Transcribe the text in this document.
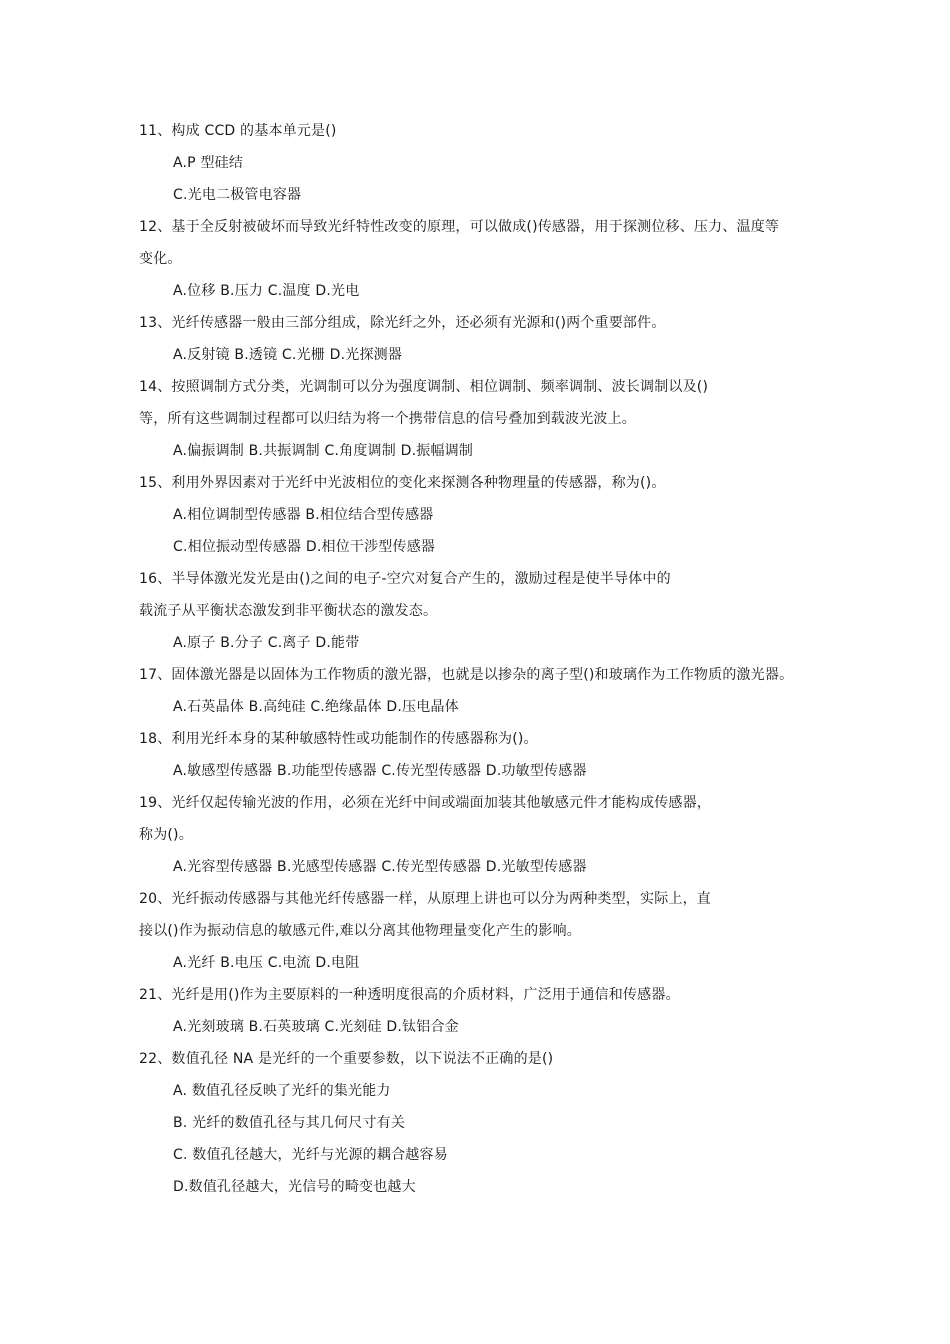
11、构成 CCD 的基本单元是()
A.P 型硅结
C.光电二极管电容器
12、基于全反射被破坏而导致光纤特性改变的原理，可以做成()传感器，用于探测位移、压力、温度等
变化。
A.位移 B.压力 C.温度 D.光电
13、光纤传感器一般由三部分组成，除光纤之外，还必须有光源和()两个重要部件。
A.反射镜 B.透镜 C.光栅 D.光探测器
14、按照调制方式分类，光调制可以分为强度调制、相位调制、频率调制、波长调制以及()
等，所有这些调制过程都可以归结为将一个携带信息的信号叠加到载波光波上。
A.偏振调制 B.共振调制 C.角度调制 D.振幅调制
15、利用外界因素对于光纤中光波相位的变化来探测各种物理量的传感器，称为()。
A.相位调制型传感器 B.相位结合型传感器
C.相位振动型传感器 D.相位干涉型传感器
16、半导体激光发光是由()之间的电子-空穴对复合产生的，激励过程是使半导体中的
载流子从平衡状态激发到非平衡状态的激发态。
A.原子 B.分子 C.离子 D.能带
17、固体激光器是以固体为工作物质的激光器，也就是以掺杂的离子型()和玻璃作为工作物质的激光器。
A.石英晶体 B.高纯硅 C.绝缘晶体 D.压电晶体
18、利用光纤本身的某种敏感特性或功能制作的传感器称为()。
A.敏感型传感器 B.功能型传感器 C.传光型传感器 D.功敏型传感器
19、光纤仅起传输光波的作用，必须在光纤中间或端面加装其他敏感元件才能构成传感器，
称为()。
A.光容型传感器 B.光感型传感器 C.传光型传感器 D.光敏型传感器
20、光纤振动传感器与其他光纤传感器一样，从原理上讲也可以分为两种类型，实际上，直
接以()作为振动信息的敏感元件,难以分离其他物理量变化产生的影响。
A.光纤 B.电压 C.电流 D.电阻
21、光纤是用()作为主要原料的一种透明度很高的介质材料，广泛用于通信和传感器。
A.光刻玻璃 B.石英玻璃 C.光刻硅 D.钛铝合金
22、数值孔径 NA 是光纤的一个重要参数，以下说法不正确的是()
A. 数值孔径反映了光纤的集光能力
B. 光纤的数值孔径与其几何尺寸有关
C. 数值孔径越大，光纤与光源的耦合越容易
D.数值孔径越大，光信号的畸变也越大
